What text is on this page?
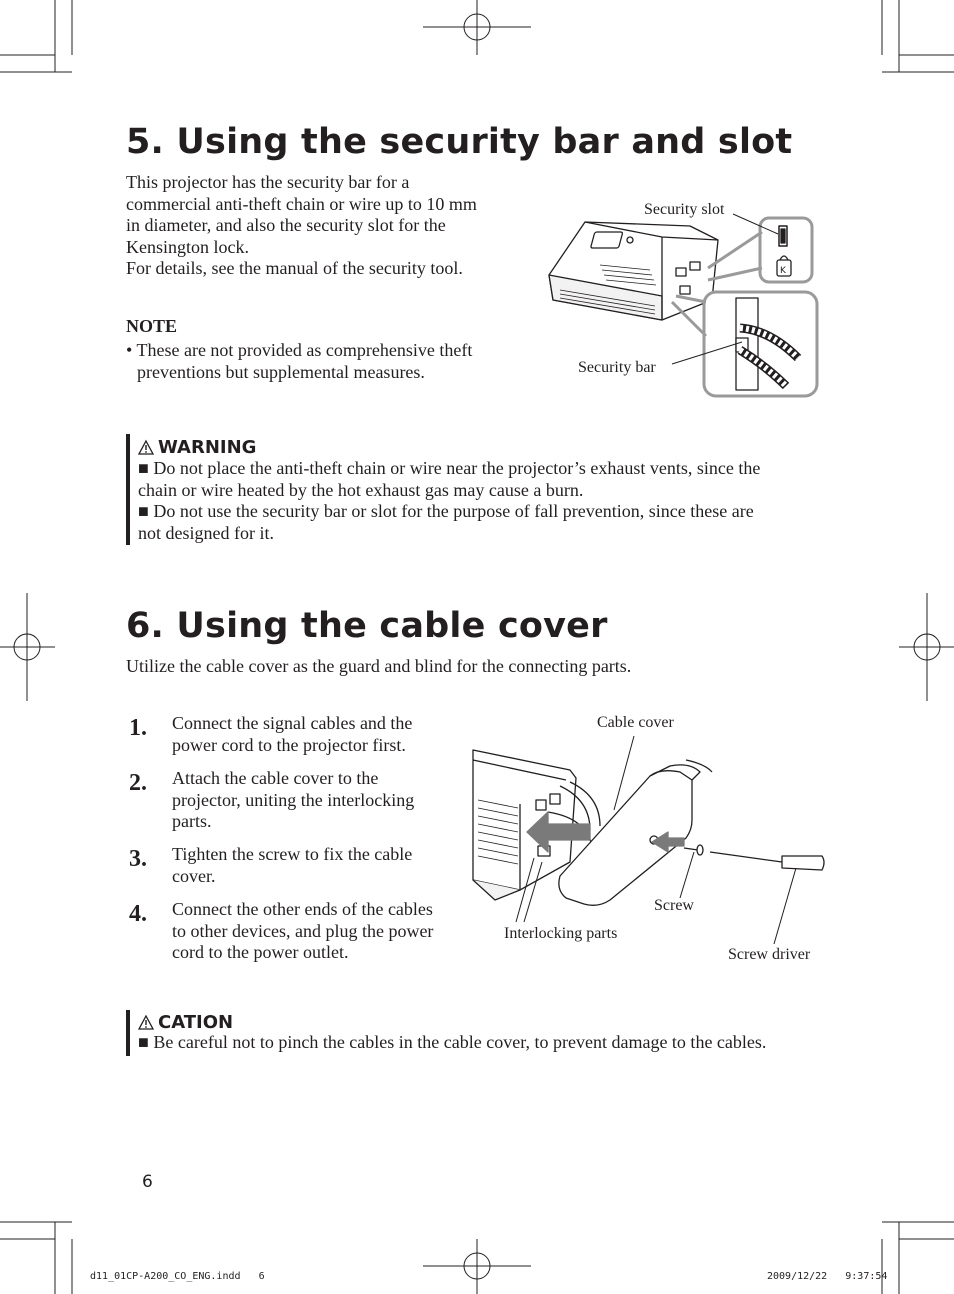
5. Using the security bar and slot
This projector has the security bar for a
commercial anti-theft chain or wire up to 10 mm
in diameter, and also the security slot for the
Kensington lock.
For details, see the manual of the security tool.
NOTE
• These are not provided as comprehensive theft
preventions but supplemental measures.
K
Security slot
Security bar
WARNING
■ Do not place the anti-theft chain or wire near the projector’s exhaust vents, since the
chain or wire heated by the hot exhaust gas may cause a burn.
■ Do not use the security bar or slot for the purpose of fall prevention, since these are
not designed for it.
6. Using the cable cover
Utilize the cable cover as the guard and blind for the connecting parts.
1. Connect the signal cables and the
power cord to the projector first.
2. Attach the cable cover to the
projector, uniting the interlocking
parts.
3. Tighten the screw to fix the cable
cover.
4. Connect the other ends of the cables
to other devices, and plug the power
cord to the power outlet.
Cable cover
Screw
Interlocking parts
Screw driver
CATION
■ Be careful not to pinch the cables in the cable cover, to prevent damage to the cables.
6
d11_01CP-A200_CO_ENG.indd   6	2009/12/22   9:37:54
